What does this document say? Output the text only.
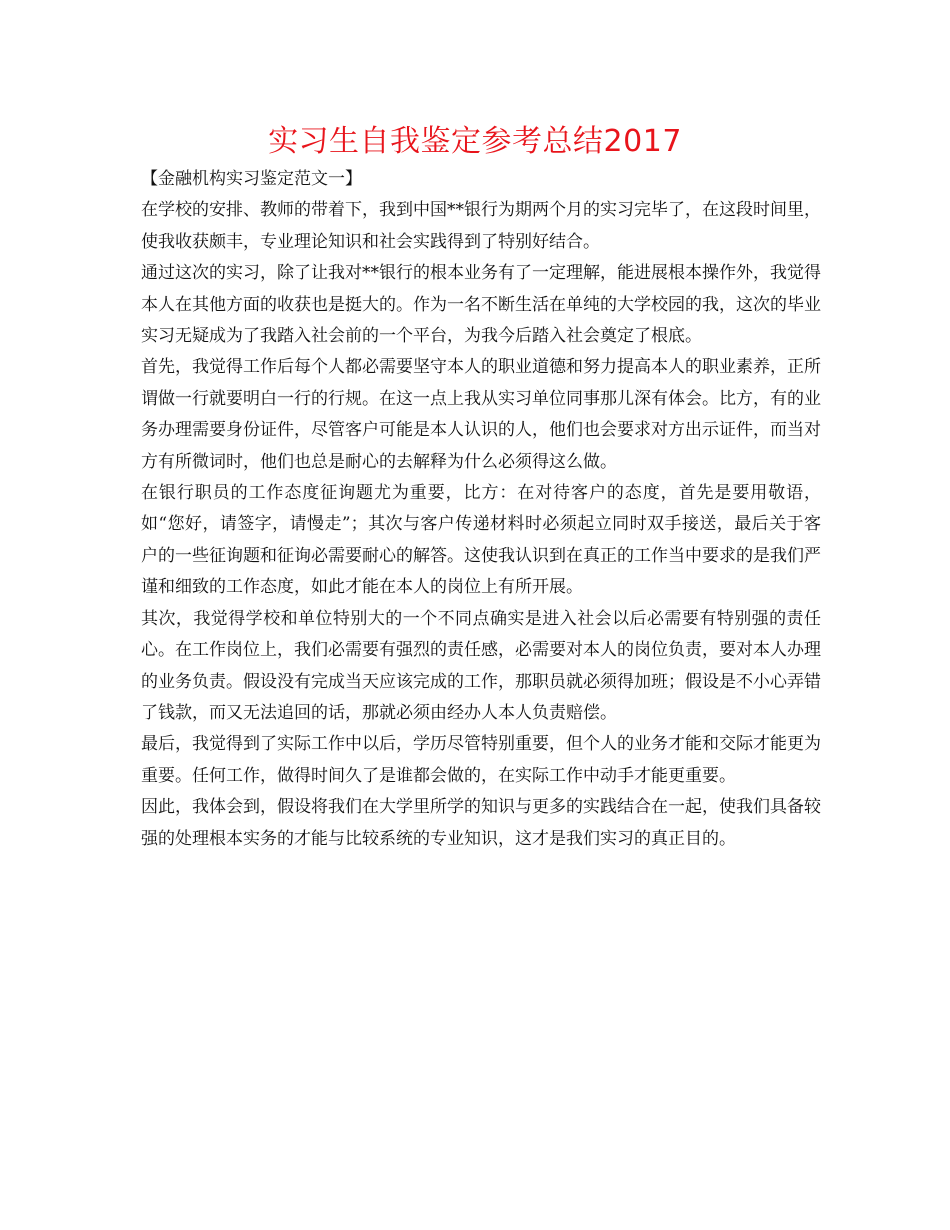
实习生自我鉴定参考总结2017

【金融机构实习鉴定范文一】

在学校的安排、教师的带着下，我到中国**银行为期两个月的实习完毕了，在这段时间里，使我收获颇丰，专业理论知识和社会实践得到了特别好结合。

通过这次的实习，除了让我对**银行的根本业务有了一定理解，能进展根本操作外，我觉得本人在其他方面的收获也是挺大的。作为一名不断生活在单纯的大学校园的我，这次的毕业实习无疑成为了我踏入社会前的一个平台，为我今后踏入社会奠定了根底。

首先，我觉得工作后每个人都必需要坚守本人的职业道德和努力提高本人的职业素养，正所谓做一行就要明白一行的行规。在这一点上我从实习单位同事那儿深有体会。比方，有的业务办理需要身份证件，尽管客户可能是本人认识的人，他们也会要求对方出示证件，而当对方有所微词时，他们也总是耐心的去解释为什么必须得这么做。

在银行职员的工作态度征询题尤为重要，比方：在对待客户的态度，首先是要用敬语，如“您好，请签字，请慢走”；其次与客户传递材料时必须起立同时双手接送，最后关于客户的一些征询题和征询必需要耐心的解答。这使我认识到在真正的工作当中要求的是我们严谨和细致的工作态度，如此才能在本人的岗位上有所开展。

其次，我觉得学校和单位特别大的一个不同点确实是进入社会以后必需要有特别强的责任心。在工作岗位上，我们必需要有强烈的责任感，必需要对本人的岗位负责，要对本人办理的业务负责。假设没有完成当天应该完成的工作，那职员就必须得加班；假设是不小心弄错了钱款，而又无法追回的话，那就必须由经办人本人负责赔偿。

最后，我觉得到了实际工作中以后，学历尽管特别重要，但个人的业务才能和交际才能更为重要。任何工作，做得时间久了是谁都会做的，在实际工作中动手才能更重要。

因此，我体会到，假设将我们在大学里所学的知识与更多的实践结合在一起，使我们具备较强的处理根本实务的才能与比较系统的专业知识，这才是我们实习的真正目的。
